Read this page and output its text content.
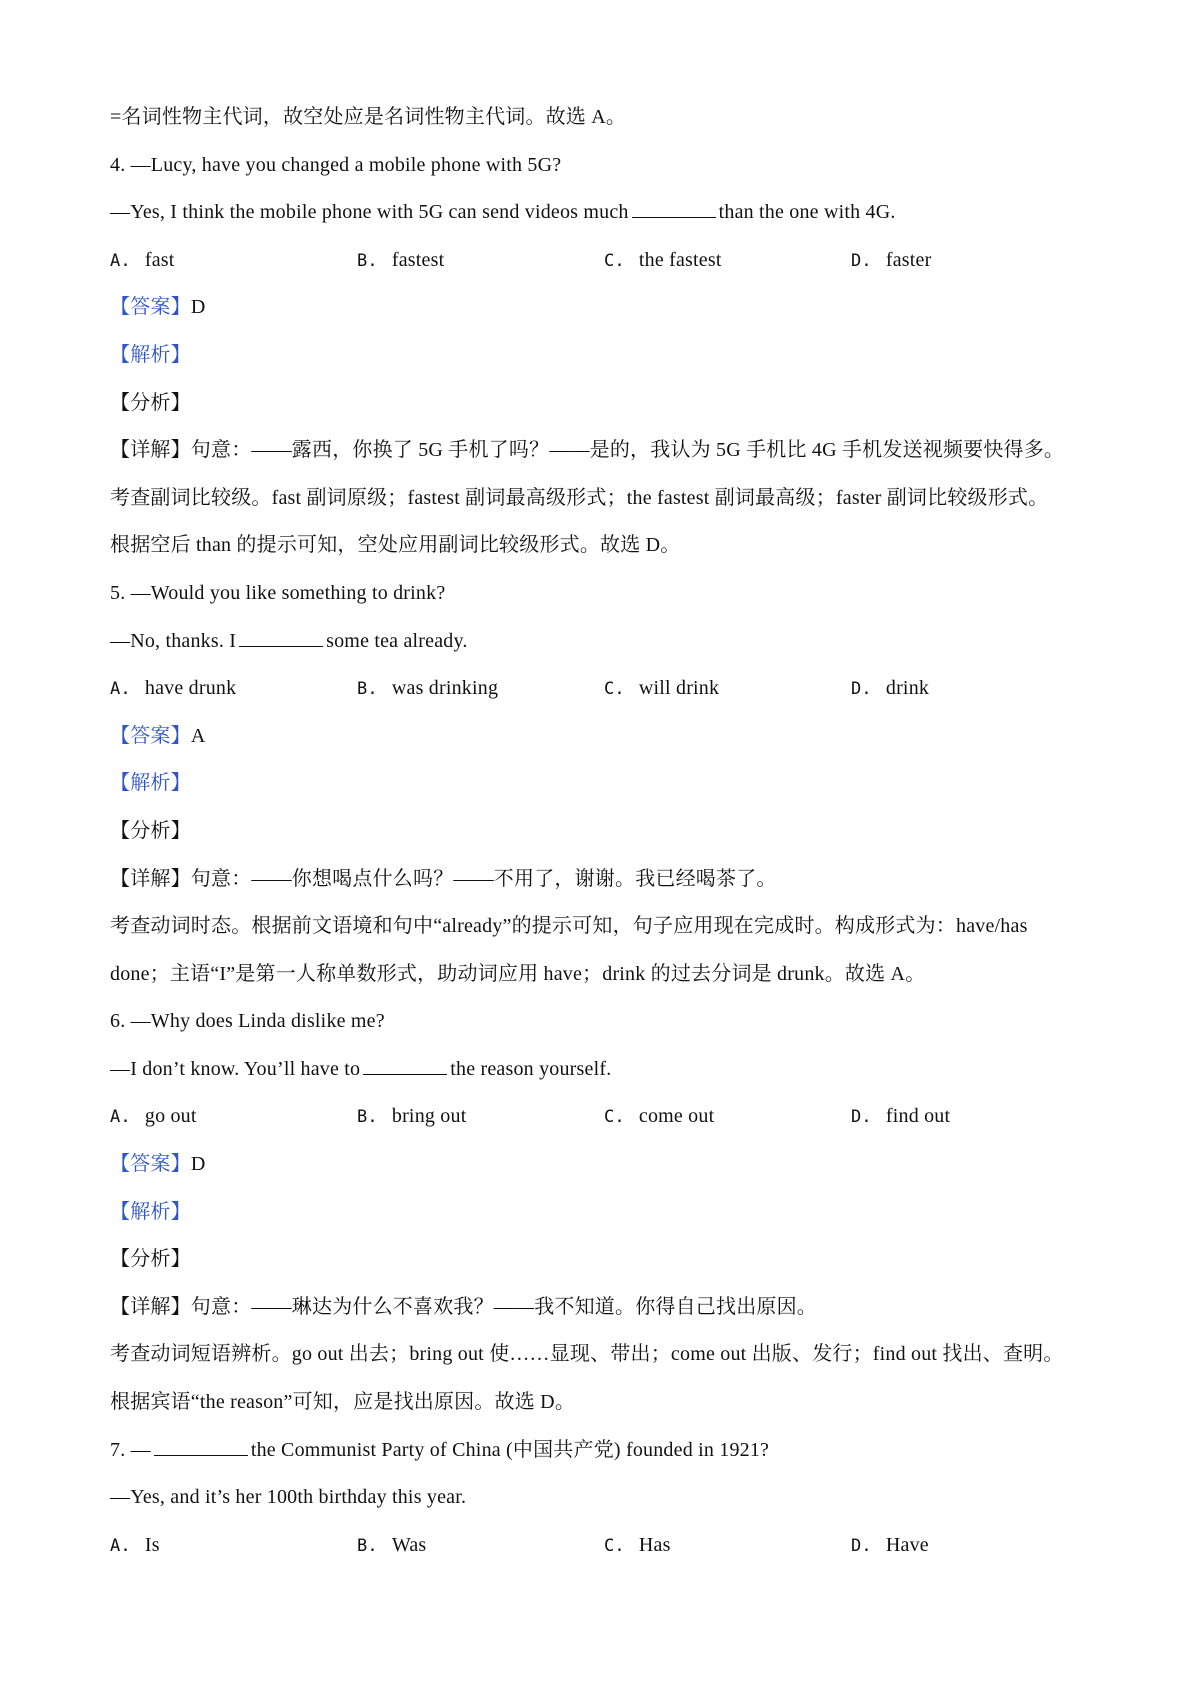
=名词性物主代词，故空处应是名词性物主代词。故选 A。
4. —Lucy, have you changed a mobile phone with 5G?
—Yes, I think the mobile phone with 5G can send videos much	than the one with 4G.
A. fast	B. fastest	C. the fastest	D. faster
【答案】D
【解析】
【分析】
【详解】句意：——露西，你换了 5G 手机了吗？——是的，我认为 5G 手机比 4G 手机发送视频要快得多。
考查副词比较级。fast 副词原级；fastest 副词最高级形式；the fastest 副词最高级；faster 副词比较级形式。
根据空后 than 的提示可知，空处应用副词比较级形式。故选 D。
5. —Would you like something to drink?
—No, thanks. I	some tea already.
A. have drunk	B. was drinking	C. will drink	D. drink
【答案】A
【解析】
【分析】
【详解】句意：——你想喝点什么吗？——不用了，谢谢。我已经喝茶了。
考查动词时态。根据前文语境和句中“already”的提示可知，句子应用现在完成时。构成形式为：have/has
done；主语“I”是第一人称单数形式，助动词应用 have；drink 的过去分词是 drunk。故选 A。
6. —Why does Linda dislike me?
—I don’t know. You’ll have to	the reason yourself.
A. go out	B. bring out	C. come out	D. find out
【答案】D
【解析】
【分析】
【详解】句意：——琳达为什么不喜欢我？——我不知道。你得自己找出原因。
考查动词短语辨析。go out 出去；bring out 使……显现、带出；come out 出版、发行；find out 找出、查明。
根据宾语“the reason”可知，应是找出原因。故选 D。
7. —	the Communist Party of China (中国共产党) founded in 1921?
—Yes, and it’s her 100th birthday this year.
A. Is	B. Was	C. Has	D. Have
